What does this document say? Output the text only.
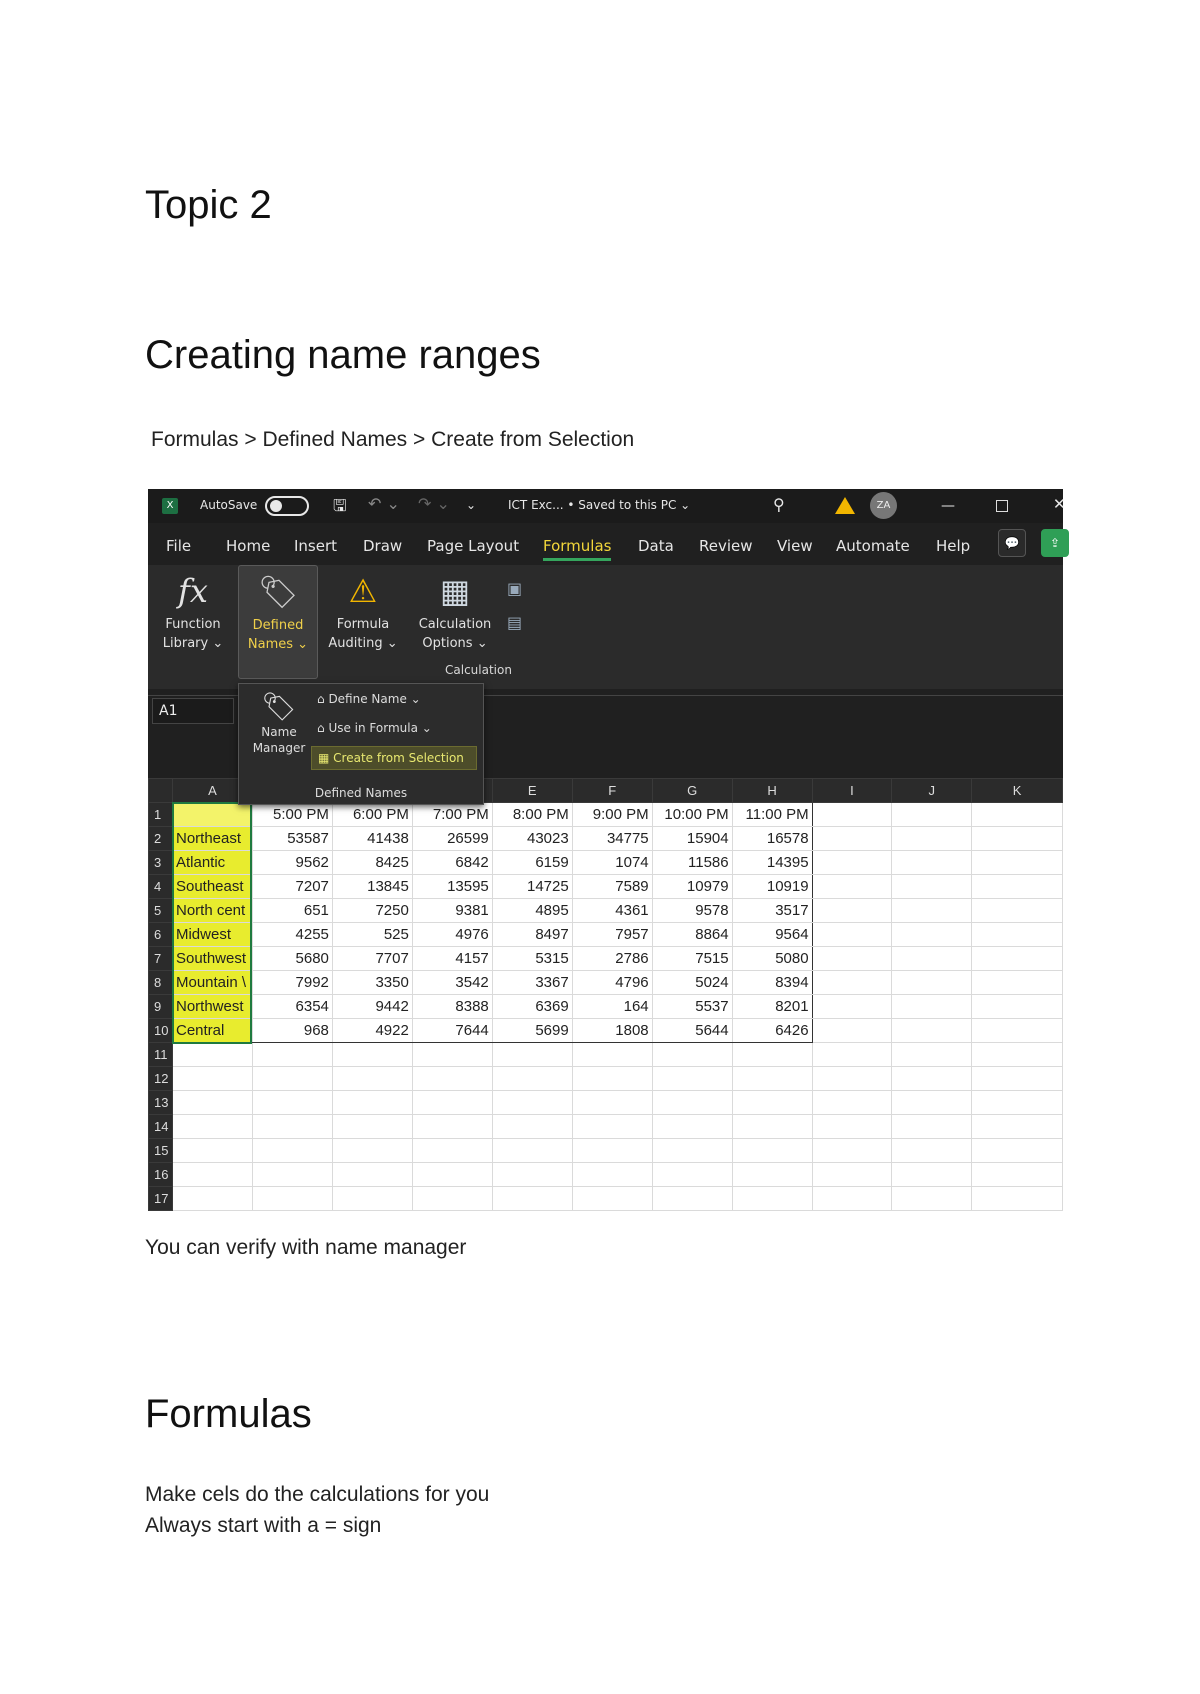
Topic 2
Creating name ranges
Formulas > Defined Names > Create from Selection
X	AutoSave	🖫 ↶ ⌄ ↷ ⌄ ⌄	ICT Exc... • Saved to this PC ⌄	⚲	ZA	—	✕
File Home Insert Draw Page Layout Formulas Data Review View Automate Help	💬	⇪
fx
Function
Library ⌄
🏷
Defined
Names ⌄
⚠
Formula
Auditing ⌄
▦
Calculation
Options ⌄
▣
▤
Calculation
A1
	A				E	F	G	H	I	J	K
1		5:00 PM	6:00 PM	7:00 PM	8:00 PM	9:00 PM	10:00 PM	11:00 PM			
2	Northeast	53587	41438	26599	43023	34775	15904	16578			
3	Atlantic	9562	8425	6842	6159	1074	11586	14395			
4	Southeast	7207	13845	13595	14725	7589	10979	10919			
5	North cent	651	7250	9381	4895	4361	9578	3517			
6	Midwest	4255	525	4976	8497	7957	8864	9564			
7	Southwest	5680	7707	4157	5315	2786	7515	5080			
8	Mountain \	7992	3350	3542	3367	4796	5024	8394			
9	Northwest	6354	9442	8388	6369	164	5537	8201			
10	Central	968	4922	7644	5699	1808	5644	6426			
11											
12											
13											
14											
15											
16											
17											
🏷
Name
Manager
⌂ Define Name ⌄
⌂ Use in Formula ⌄
▦ Create from Selection
Defined Names
You can verify with name manager
Formulas
Make cels do the calculations for you
Always start with a = sign
